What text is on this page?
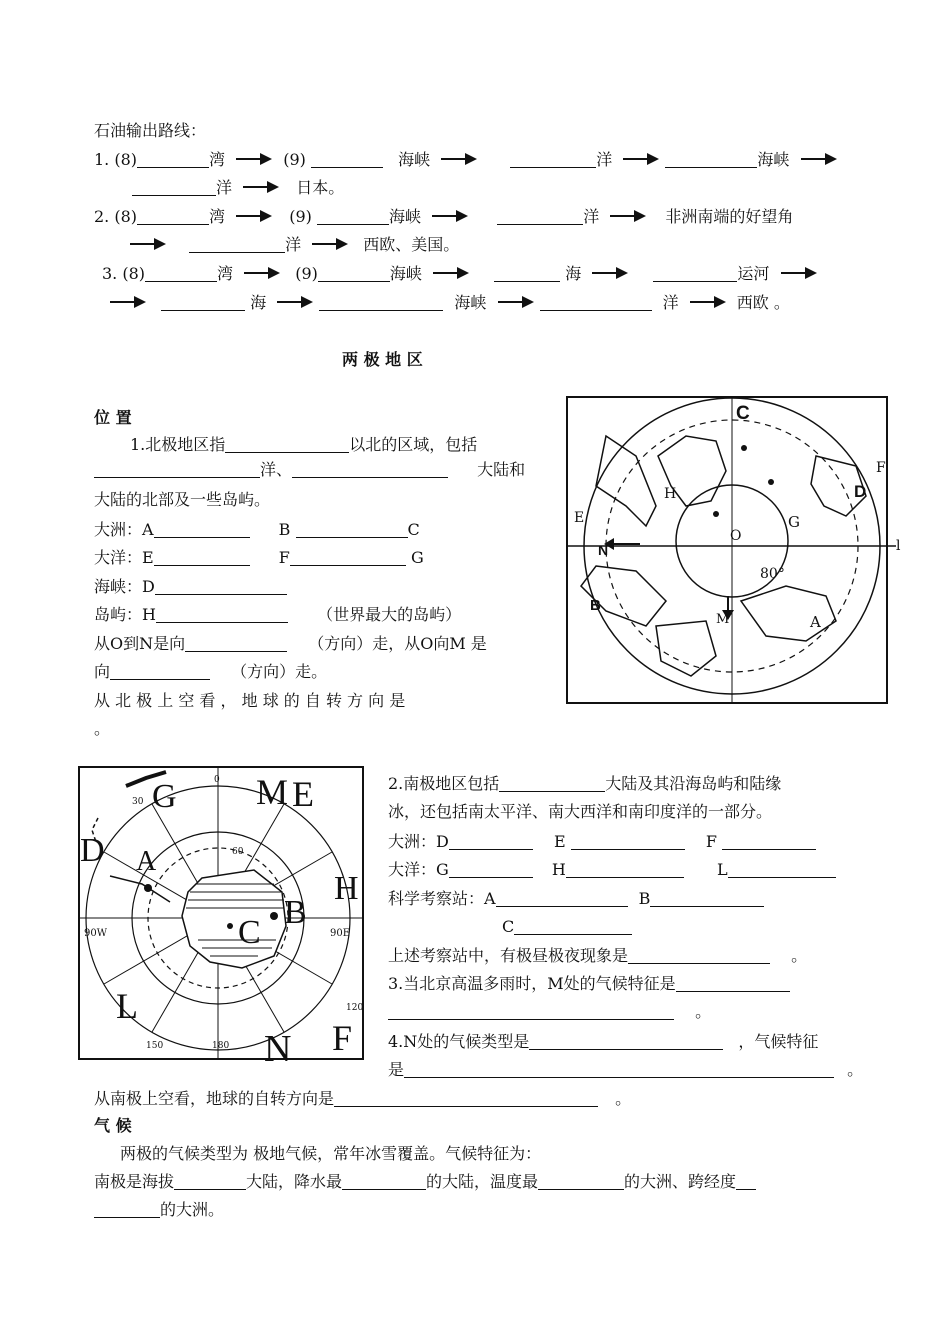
石油输出路线：
1. (8)	湾	(9)	海峡	洋	海峡
洋	日本。
2. (8)	湾	(9)	海峡	洋	非洲南端的好望角
洋	西欧、美国。
3. (8)	湾	(9)	海峡	海	运河
海	海峡	洋	西欧 。
两 极 地 区
位 置
1.北极地区指	以北的区域，包括
洋、	大陆和
大陆的北部及一些岛屿。
大洲：A	B	C
大洋：E	F	G
海峡：D
岛屿：H	（世界最大的岛屿）
从O到N是向	（方向）走，从O向M 是
向	（方向）走。
从 北 极 上 空 看 ， 地 球 的 自 转 方 向 是
。
C
F
D
H
E	G
O
l
N
80°
B
M	A
0
30
60
90W	90E
120
150	180
G M E
D A
H
B
C
L
F
N
2.南极地区包括	大陆及其沿海岛屿和陆缘
冰，还包括南太平洋、南大西洋和南印度洋的一部分。
大洲：D	E	F
大洋：G	H	L
科学考察站：A	B
C
上述考察站中，有极昼极夜现象是	。
3.当北京高温多雨时，M处的气候特征是
。
4.N处的气候类型是	，气候特征
是	。
从南极上空看，地球的自转方向是	。
气 候
两极的气候类型为 极地气候，常年冰雪覆盖。气候特征为：
南极是海拔	大陆，降水最	的大陆，温度最	的大洲、跨经度
的大洲。
